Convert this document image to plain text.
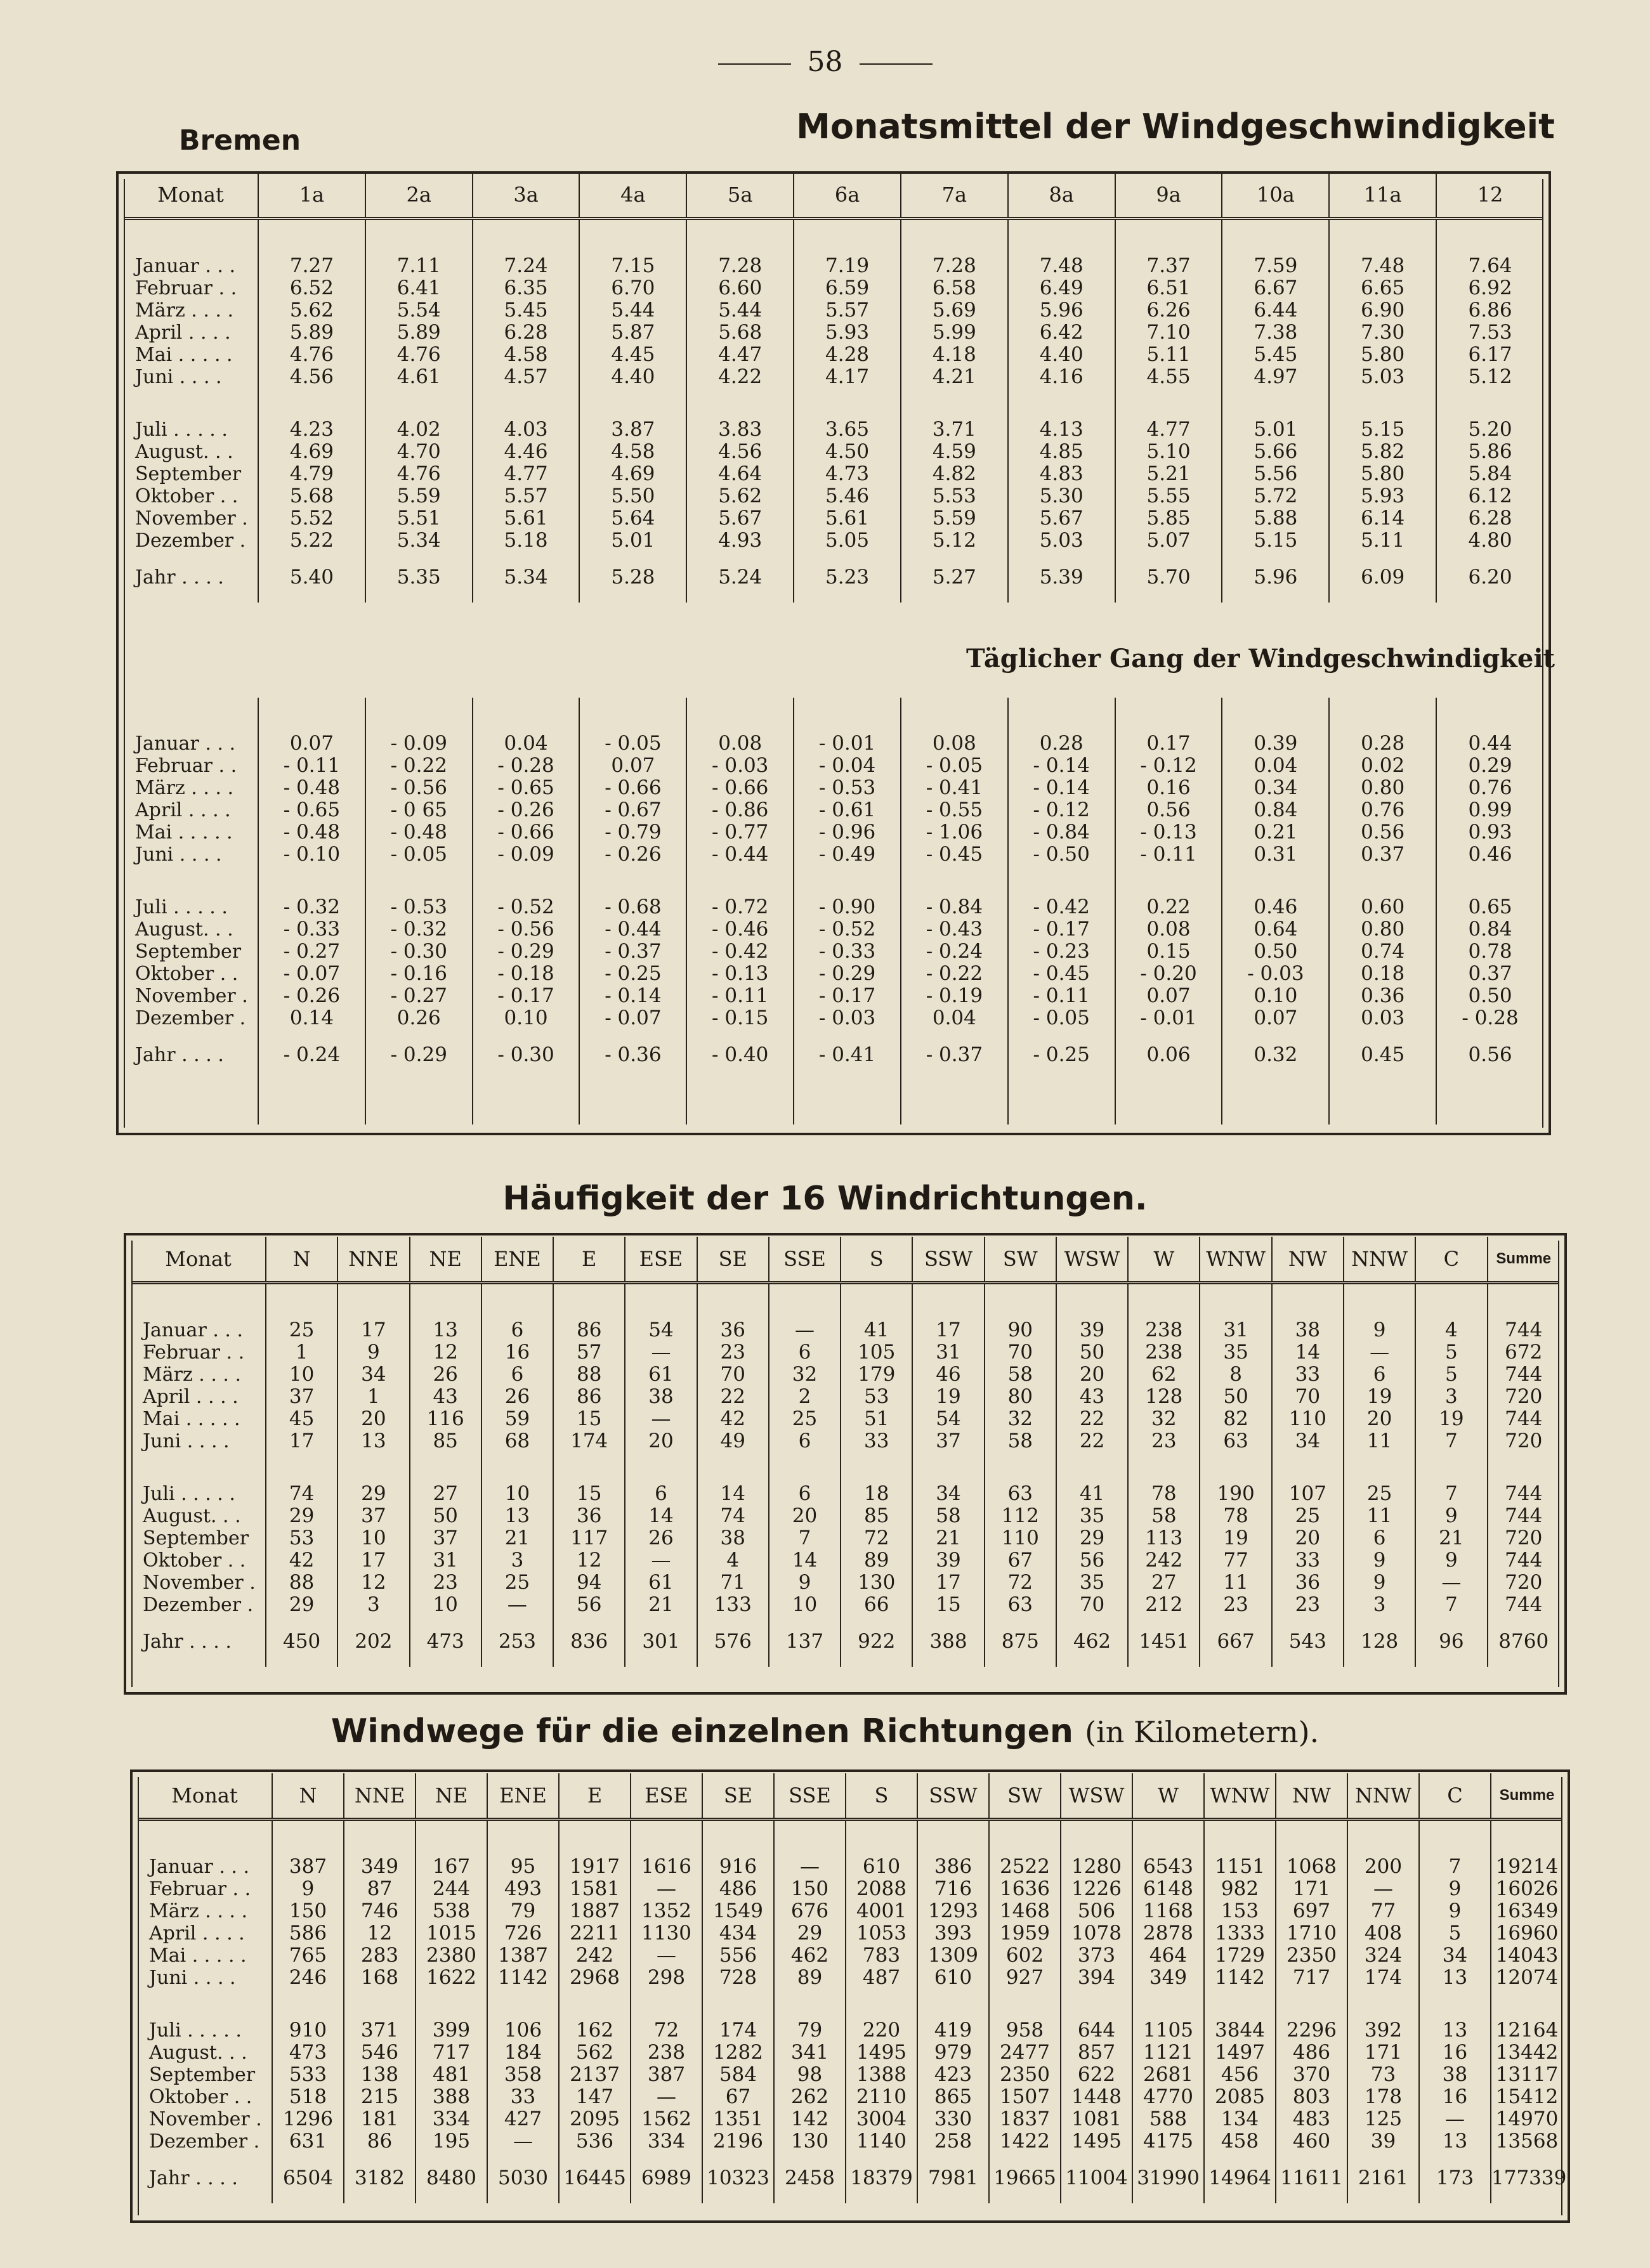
58
Bremen	Monatsmittel der Windgeschwindigkeit
Monat	1a	2a	3a	4a	5a	6a	7a	8a	9a	10a	11a	12

Januar . . .	7.27	7.11	7.24	7.15	7.28	7.19	7.28	7.48	7.37	7.59	7.48	7.64
Februar . .	6.52	6.41	6.35	6.70	6.60	6.59	6.58	6.49	6.51	6.67	6.65	6.92
März . . . .	5.62	5.54	5.45	5.44	5.44	5.57	5.69	5.96	6.26	6.44	6.90	6.86
April . . . .	5.89	5.89	6.28	5.87	5.68	5.93	5.99	6.42	7.10	7.38	7.30	7.53
Mai . . . . .	4.76	4.76	4.58	4.45	4.47	4.28	4.18	4.40	5.11	5.45	5.80	6.17
Juni . . . .	4.56	4.61	4.57	4.40	4.22	4.17	4.21	4.16	4.55	4.97	5.03	5.12

Juli . . . . .	4.23	4.02	4.03	3.87	3.83	3.65	3.71	4.13	4.77	5.01	5.15	5.20
August. . .	4.69	4.70	4.46	4.58	4.56	4.50	4.59	4.85	5.10	5.66	5.82	5.86
September	4.79	4.76	4.77	4.69	4.64	4.73	4.82	4.83	5.21	5.56	5.80	5.84
Oktober . .	5.68	5.59	5.57	5.50	5.62	5.46	5.53	5.30	5.55	5.72	5.93	6.12
November .	5.52	5.51	5.61	5.64	5.67	5.61	5.59	5.67	5.85	5.88	6.14	6.28
Dezember .	5.22	5.34	5.18	5.01	4.93	5.05	5.12	5.03	5.07	5.15	5.11	4.80
Jahr . . . .	5.40	5.35	5.34	5.28	5.24	5.23	5.27	5.39	5.70	5.96	6.09	6.20

Januar . . .	0.07	- 0.09	0.04	- 0.05	0.08	- 0.01	0.08	0.28	0.17	0.39	0.28	0.44
Februar . .	- 0.11	- 0.22	- 0.28	0.07	- 0.03	- 0.04	- 0.05	- 0.14	- 0.12	0.04	0.02	0.29
März . . . .	- 0.48	- 0.56	- 0.65	- 0.66	- 0.66	- 0.53	- 0.41	- 0.14	0.16	0.34	0.80	0.76
April . . . .	- 0.65	- 0 65	- 0.26	- 0.67	- 0.86	- 0.61	- 0.55	- 0.12	0.56	0.84	0.76	0.99
Mai . . . . .	- 0.48	- 0.48	- 0.66	- 0.79	- 0.77	- 0.96	- 1.06	- 0.84	- 0.13	0.21	0.56	0.93
Juni . . . .	- 0.10	- 0.05	- 0.09	- 0.26	- 0.44	- 0.49	- 0.45	- 0.50	- 0.11	0.31	0.37	0.46

Juli . . . . .	- 0.32	- 0.53	- 0.52	- 0.68	- 0.72	- 0.90	- 0.84	- 0.42	0.22	0.46	0.60	0.65
August. . .	- 0.33	- 0.32	- 0.56	- 0.44	- 0.46	- 0.52	- 0.43	- 0.17	0.08	0.64	0.80	0.84
September	- 0.27	- 0.30	- 0.29	- 0.37	- 0.42	- 0.33	- 0.24	- 0.23	0.15	0.50	0.74	0.78
Oktober . .	- 0.07	- 0.16	- 0.18	- 0.25	- 0.13	- 0.29	- 0.22	- 0.45	- 0.20	- 0.03	0.18	0.37
November .	- 0.26	- 0.27	- 0.17	- 0.14	- 0.11	- 0.17	- 0.19	- 0.11	0.07	0.10	0.36	0.50
Dezember .	0.14	0.26	0.10	- 0.07	- 0.15	- 0.03	0.04	- 0.05	- 0.01	0.07	0.03	- 0.28
Jahr . . . .	- 0.24	- 0.29	- 0.30	- 0.36	- 0.40	- 0.41	- 0.37	- 0.25	0.06	0.32	0.45	0.56

Täglicher Gang der Windgeschwindigkeit
Häufigkeit der 16 Windrichtungen.
Monat	N	NNE	NE	ENE	E	ESE	SE	SSE	S	SSW	SW	WSW	W	WNW	NW	NNW	C	Summe

Januar . . .	25	17	13	6	86	54	36	—	41	17	90	39	238	31	38	9	4	744
Februar . .	1	9	12	16	57	—	23	6	105	31	70	50	238	35	14	—	5	672
März . . . .	10	34	26	6	88	61	70	32	179	46	58	20	62	8	33	6	5	744
April . . . .	37	1	43	26	86	38	22	2	53	19	80	43	128	50	70	19	3	720
Mai . . . . .	45	20	116	59	15	—	42	25	51	54	32	22	32	82	110	20	19	744
Juni . . . .	17	13	85	68	174	20	49	6	33	37	58	22	23	63	34	11	7	720

Juli . . . . .	74	29	27	10	15	6	14	6	18	34	63	41	78	190	107	25	7	744
August. . .	29	37	50	13	36	14	74	20	85	58	112	35	58	78	25	11	9	744
September	53	10	37	21	117	26	38	7	72	21	110	29	113	19	20	6	21	720
Oktober . .	42	17	31	3	12	—	4	14	89	39	67	56	242	77	33	9	9	744
November .	88	12	23	25	94	61	71	9	130	17	72	35	27	11	36	9	—	720
Dezember .	29	3	10	—	56	21	133	10	66	15	63	70	212	23	23	3	7	744
Jahr . . . .	450	202	473	253	836	301	576	137	922	388	875	462	1451	667	543	128	96	8760
Windwege für die einzelnen Richtungen (in Kilometern).
Monat	N	NNE	NE	ENE	E	ESE	SE	SSE	S	SSW	SW	WSW	W	WNW	NW	NNW	C	Summe

Januar . . .	387	349	167	95	1917	1616	916	—	610	386	2522	1280	6543	1151	1068	200	7	19214
Februar . .	9	87	244	493	1581	—	486	150	2088	716	1636	1226	6148	982	171	—	9	16026
März . . . .	150	746	538	79	1887	1352	1549	676	4001	1293	1468	506	1168	153	697	77	9	16349
April . . . .	586	12	1015	726	2211	1130	434	29	1053	393	1959	1078	2878	1333	1710	408	5	16960
Mai . . . . .	765	283	2380	1387	242	—	556	462	783	1309	602	373	464	1729	2350	324	34	14043
Juni . . . .	246	168	1622	1142	2968	298	728	89	487	610	927	394	349	1142	717	174	13	12074

Juli . . . . .	910	371	399	106	162	72	174	79	220	419	958	644	1105	3844	2296	392	13	12164
August. . .	473	546	717	184	562	238	1282	341	1495	979	2477	857	1121	1497	486	171	16	13442
September	533	138	481	358	2137	387	584	98	1388	423	2350	622	2681	456	370	73	38	13117
Oktober . .	518	215	388	33	147	—	67	262	2110	865	1507	1448	4770	2085	803	178	16	15412
November .	1296	181	334	427	2095	1562	1351	142	3004	330	1837	1081	588	134	483	125	—	14970
Dezember .	631	86	195	—	536	334	2196	130	1140	258	1422	1495	4175	458	460	39	13	13568
Jahr . . . .	6504	3182	8480	5030	16445	6989	10323	2458	18379	7981	19665	11004	31990	14964	11611	2161	173	177339
